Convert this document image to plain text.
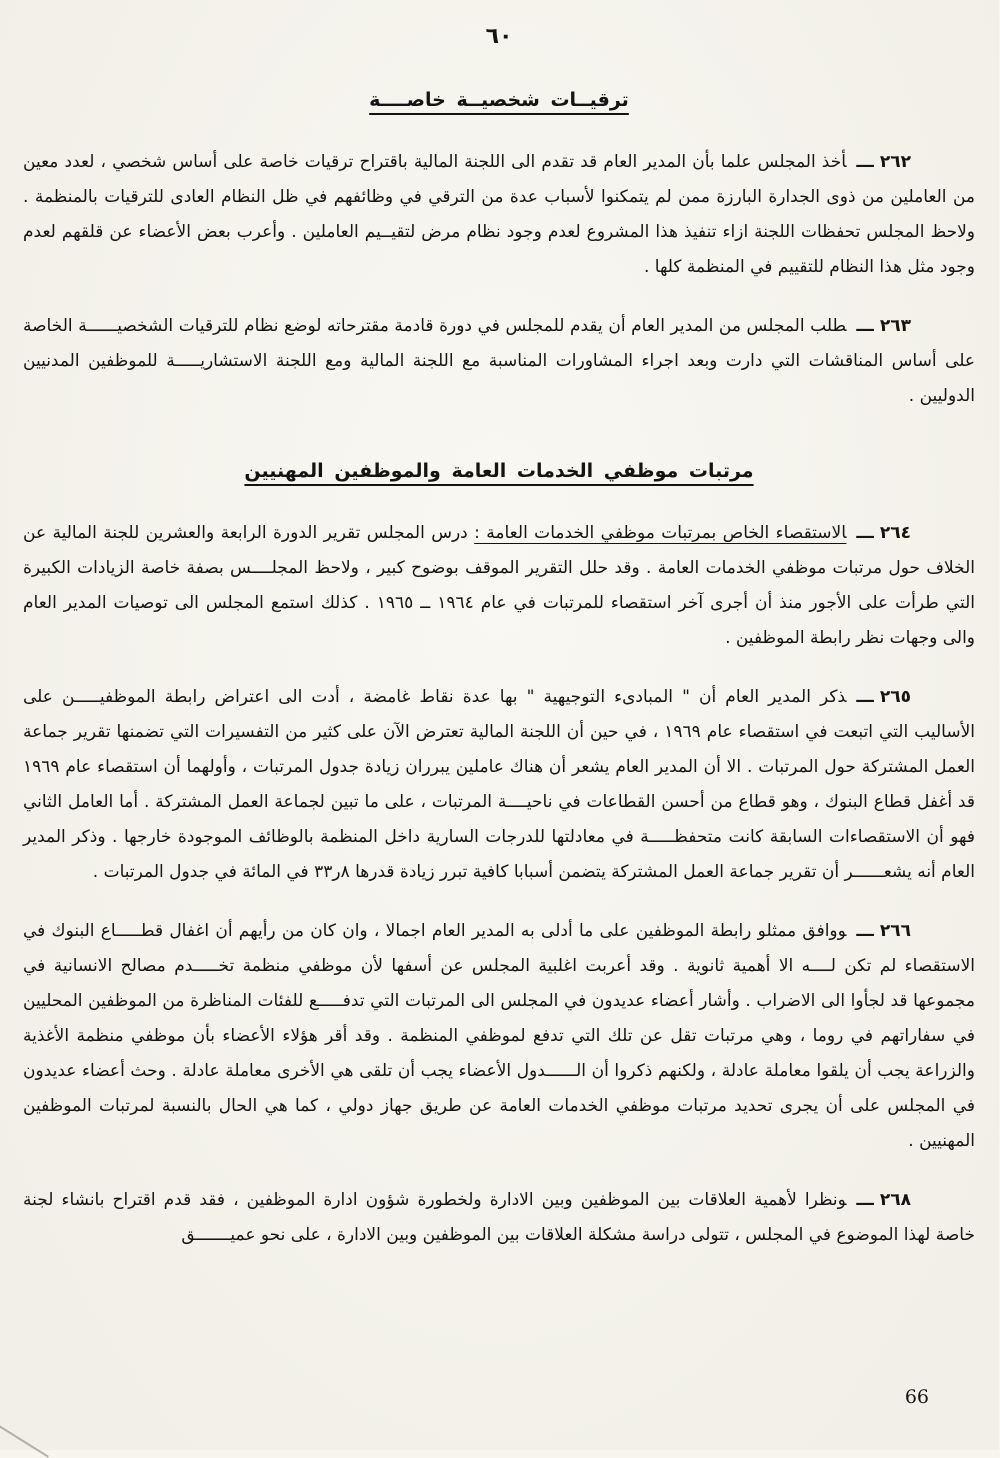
٦٠
ترقيــات شخصيــة خاصــــة

٢٦٢ـــأخذ المجلس علما بأن المدير العام قد تقدم الى اللجنة المالية باقتراح ترقيات خاصة على أساس شخصي ، لعدد معين من العاملين من ذوى الجدارة البارزة ممن لم يتمكنوا لأسباب عدة من الترقي في وظائفهم في ظل النظام العادى للترقيات بالمنظمة . ولاحظ المجلس تحفظات اللجنة ازاء تنفيذ هذا المشروع لعدم وجود نظام مرض لتقيــيم العاملين . وأعرب بعض الأعضاء عن قلقهم لعدم وجود مثل هذا النظام للتقييم في المنظمة كلها .

٢٦٣ـــطلب المجلس من المدير العام أن يقدم للمجلس في دورة قادمة مقترحاته لوضع نظام للترقيات الشخصيــــــة الخاصة على أساس المناقشات التي دارت وبعد اجراء المشاورات المناسبة مع اللجنة المالية ومع اللجنة الاستشاريـــــة للموظفين المدنيين الدوليين .

مرتبات موظفي الخدمات العامة والموظفين المهنيين

٢٦٤ـــالاستقصاء الخاص بمرتبات موظفي الخدمات العامة : درس المجلس تقرير الدورة الرابعة والعشرين للجنة المالية عن الخلاف حول مرتبات موظفي الخدمات العامة . وقد حلل التقرير الموقف بوضوح كبير ، ولاحظ المجلــــس بصفة خاصة الزيادات الكبيرة التي طرأت على الأجور منذ أن أجرى آخر استقصاء للمرتبات في عام ١٩٦٤ ــ ١٩٦٥ . كذلك استمع المجلس الى توصيات المدير العام والى وجهات نظر رابطة الموظفين .

٢٦٥ـــذكر المدير العام أن " المبادىء التوجيهية " بها عدة نقاط غامضة ، أدت الى اعتراض رابطة الموظفيـــــن على الأساليب التي اتبعت في استقصاء عام ١٩٦٩ ، في حين أن اللجنة المالية تعترض الآن على كثير من التفسيرات التي تضمنها تقرير جماعة العمل المشتركة حول المرتبات . الا أن المدير العام يشعر أن هناك عاملين يبرران زيادة جدول المرتبات ، وأولهما أن استقصاء عام ١٩٦٩ قد أغفل قطاع البنوك ، وهو قطاع من أحسن القطاعات في ناحيــــة المرتبات ، على ما تبين لجماعة العمل المشتركة . أما العامل الثاني فهو أن الاستقصاءات السابقة كانت متحفظـــــة في معادلتها للدرجات السارية داخل المنظمة بالوظائف الموجودة خارجها . وذكر المدير العام أنه يشعــــــر أن تقرير جماعة العمل المشتركة يتضمن أسبابا كافية تبرر زيادة قدرها ٨ر٣٣ في المائة في جدول المرتبات .

٢٦٦ـــووافق ممثلو رابطة الموظفين على ما أدلى به المدير العام اجمالا ، وان كان من رأيهم أن اغفال قطـــــاع البنوك في الاستقصاء لم تكن لــــه الا أهمية ثانوية . وقد أعربت اغلبية المجلس عن أسفها لأن موظفي منظمة تخـــــدم مصالح الانسانية في مجموعها قد لجأوا الى الاضراب . وأشار أعضاء عديدون في المجلس الى المرتبات التي تدفـــــع للفئات المناظرة من الموظفين المحليين في سفاراتهم في روما ، وهي مرتبات تقل عن تلك التي تدفع لموظفي المنظمة . وقد أقر هؤلاء الأعضاء بأن موظفي منظمة الأغذية والزراعة يجب أن يلقوا معاملة عادلة ، ولكنهم ذكروا أن الــــــدول الأعضاء يجب أن تلقى هي الأخرى معاملة عادلة . وحث أعضاء عديدون في المجلس على أن يجرى تحديد مرتبات موظفي الخدمات العامة عن طريق جهاز دولي ، كما هي الحال بالنسبة لمرتبات الموظفين المهنيين .

٢٦٨ـــونظرا لأهمية العلاقات بين الموظفين وبين الادارة ولخطورة شؤون ادارة الموظفين ، فقد قدم اقتراح بانشاء لجنة خاصة لهذا الموضوع في المجلس ، تتولى دراسة مشكلة العلاقات بين الموظفين وبين الادارة ، على نحو عميـــــــق

66
